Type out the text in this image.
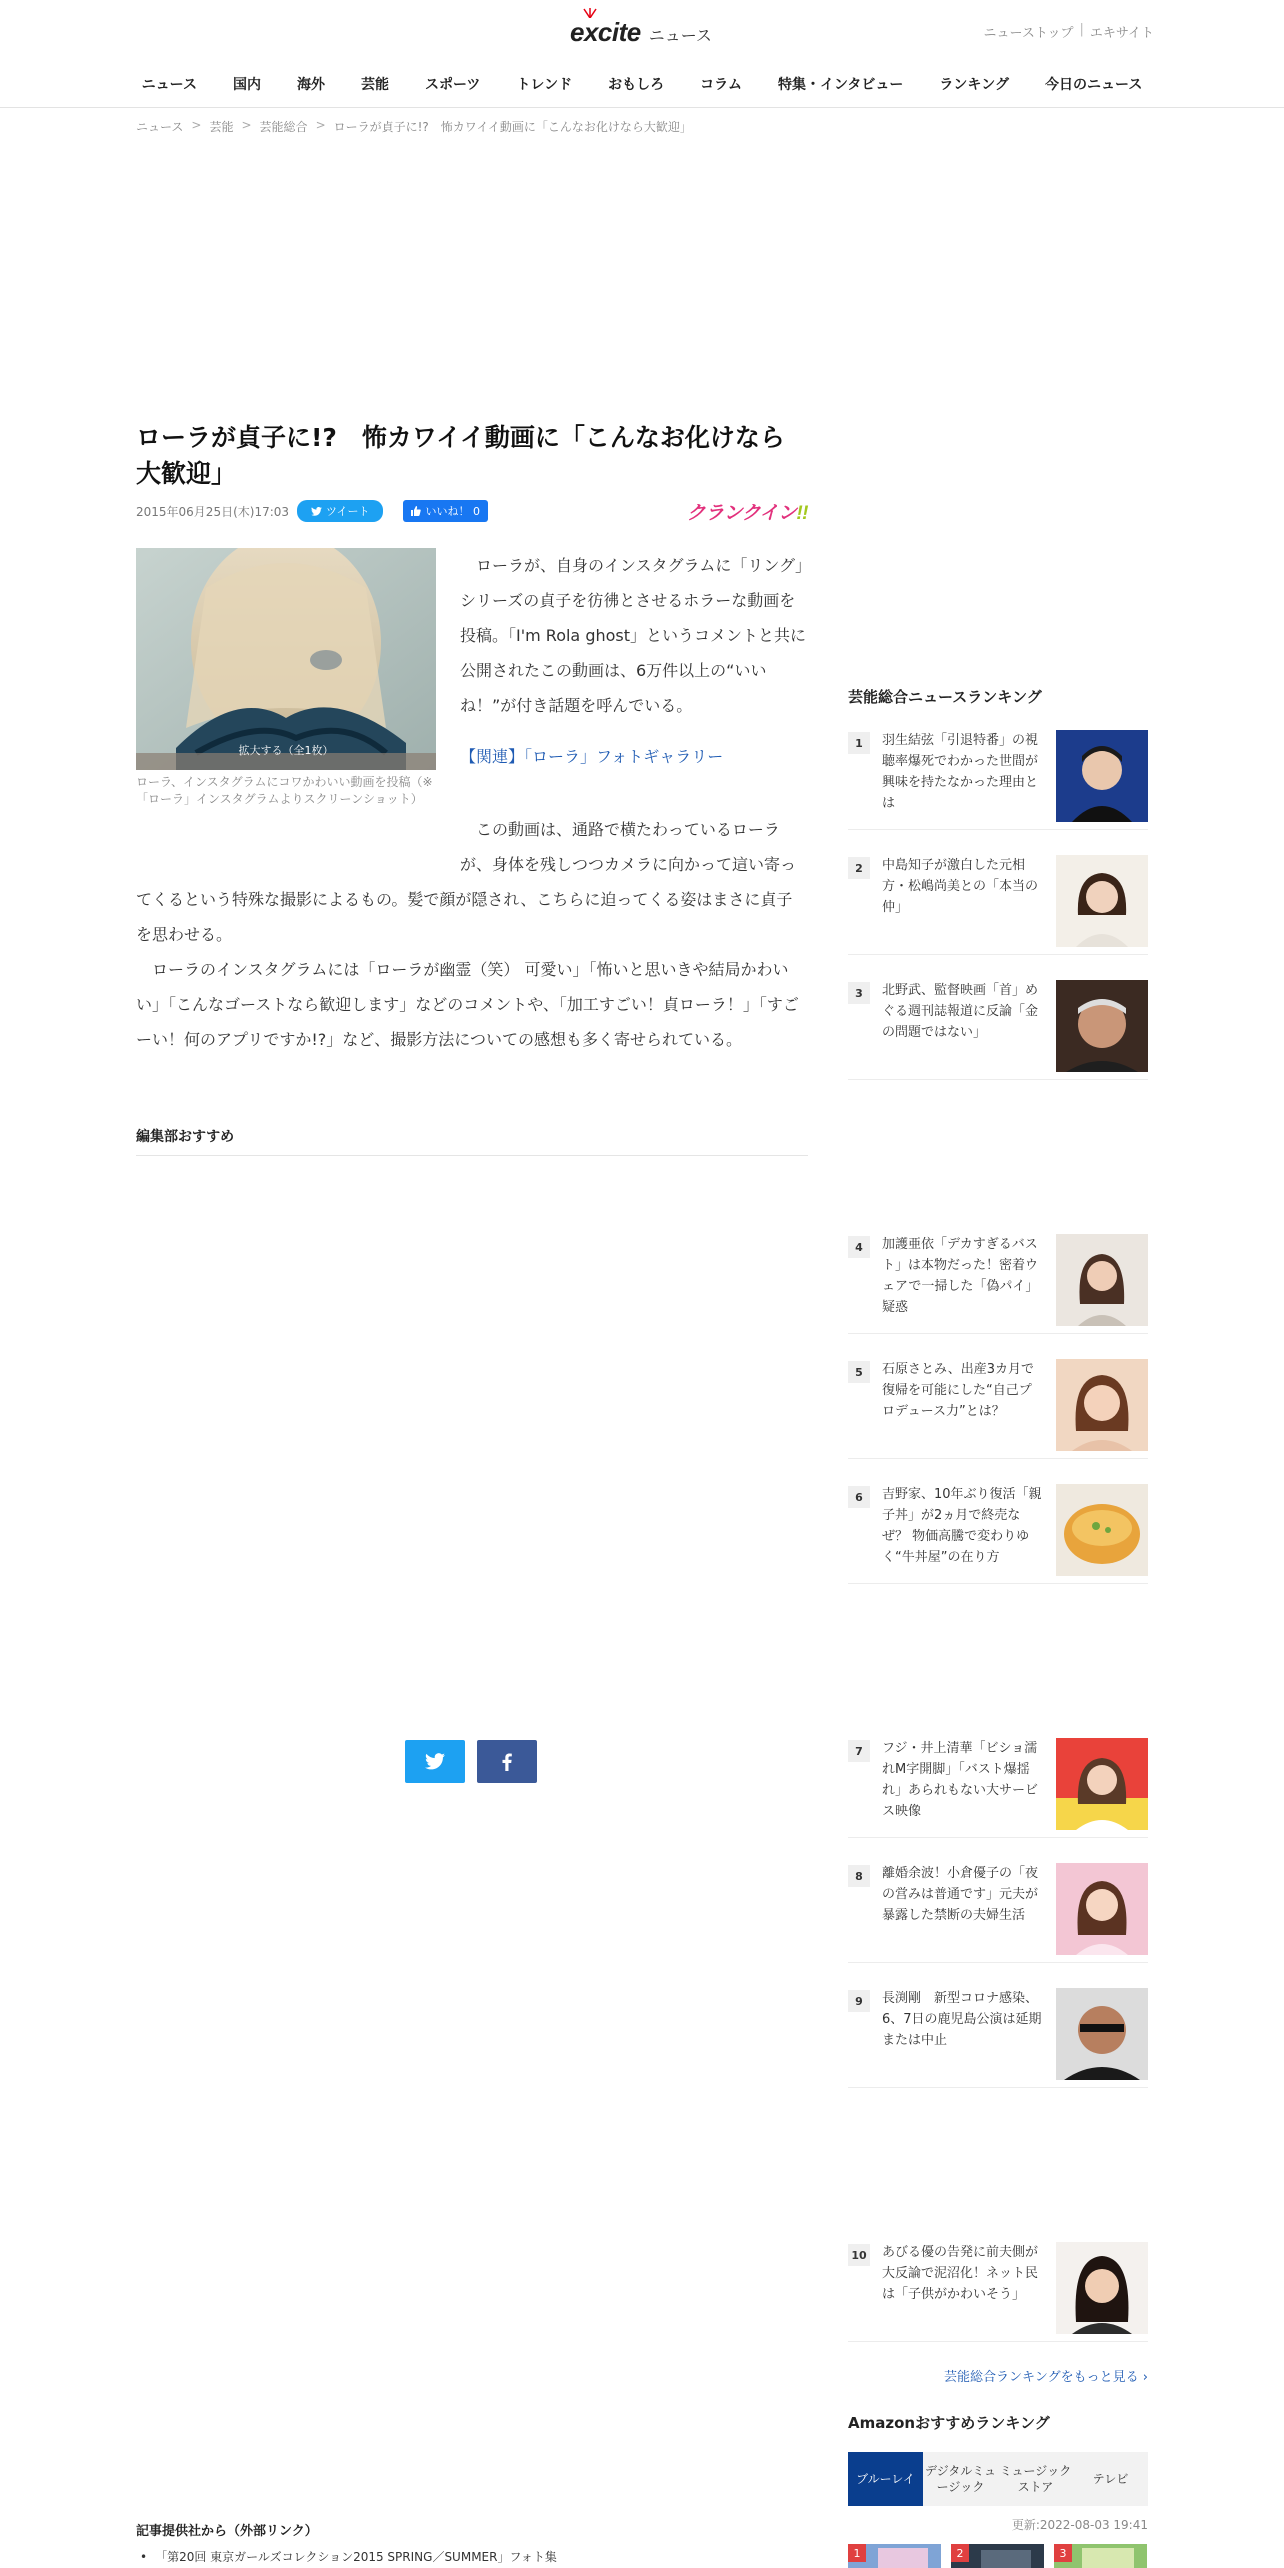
excite ニュース	ニューストップ | エキサイト
ニュース	国内	海外	芸能	スポーツ	トレンド	おもしろ	コラム	特集・インタビュー	ランキング	今日のニュース
ニュース > 芸能 > 芸能総合 > ローラが貞子に!?　怖カワイイ動画に「こんなお化けなら大歓迎」
ローラが貞子に!?　怖カワイイ動画に「こんなお化けなら大歓迎」
2015年06月25日(木)17:03	ツイート	いいね！ 0	クランクイン!!
拡大する（全1枚）
ローラ、インスタグラムにコワかわいい動画を投稿（※「ローラ」インスタグラムよりスクリーンショット）

ローラが、自身のインスタグラムに「リング」シリーズの貞子を彷彿とさせるホラーな動画を投稿。「I'm Rola ghost」というコメントと共に公開されたこの動画は、6万件以上の“いいね！”が付き話題を呼んでいる。

【関連】「ローラ」フォトギャラリー

この動画は、通路で横たわっているローラが、身体を残しつつカメラに向かって這い寄ってくるという特殊な撮影によるもの。髪で顔が隠され、こちらに迫ってくる姿はまさに貞子を思わせる。

ローラのインスタグラムには「ローラが幽霊（笑） 可愛い」「怖いと思いきや結局かわいい」「こんなゴーストなら歓迎します」などのコメントや、「加工すごい！貞ローラ！」「すごーい！何のアプリですか!?」など、撮影方法についての感想も多く寄せられている。

編集部おすすめ
記事提供社から（外部リンク）
• 「第20回 東京ガールズコレクション2015 SPRING／SUMMER」フォト集
芸能総合ニュースランキング
1	羽生結弦「引退特番」の視聴率爆死でわかった世間が興味を持たなかった理由とは
2	中島知子が激白した元相方・松嶋尚美との「本当の仲」
3	北野武、監督映画「首」めぐる週刊誌報道に反論「金の問題ではない」
4	加護亜依「デカすぎるバスト」は本物だった！密着ウェアで一掃した「偽パイ」疑惑
5	石原さとみ、出産3カ月で復帰を可能にした“自己プロデュース力”とは？
6	吉野家、10年ぶり復活「親子丼」が2ヵ月で終売なぜ？ 物価高騰で変わりゆく“牛丼屋”の在り方
7	フジ・井上清華「ビショ濡れM字開脚」「バスト爆揺れ」あられもない大サービス映像
8	離婚余波！小倉優子の「夜の営みは普通です」元夫が暴露した禁断の夫婦生活
9	長渕剛　新型コロナ感染、6、7日の鹿児島公演は延期または中止
10 あびる優の告発に前夫側が大反論で泥沼化！ネット民は「子供がかわいそう」
芸能総合ランキングをもっと見る ›
Amazonおすすめランキング
ブルーレイ
デジタルミュージック
ミュージックストア
テレビ
更新:2022-08-03 19:41
1	2	3
